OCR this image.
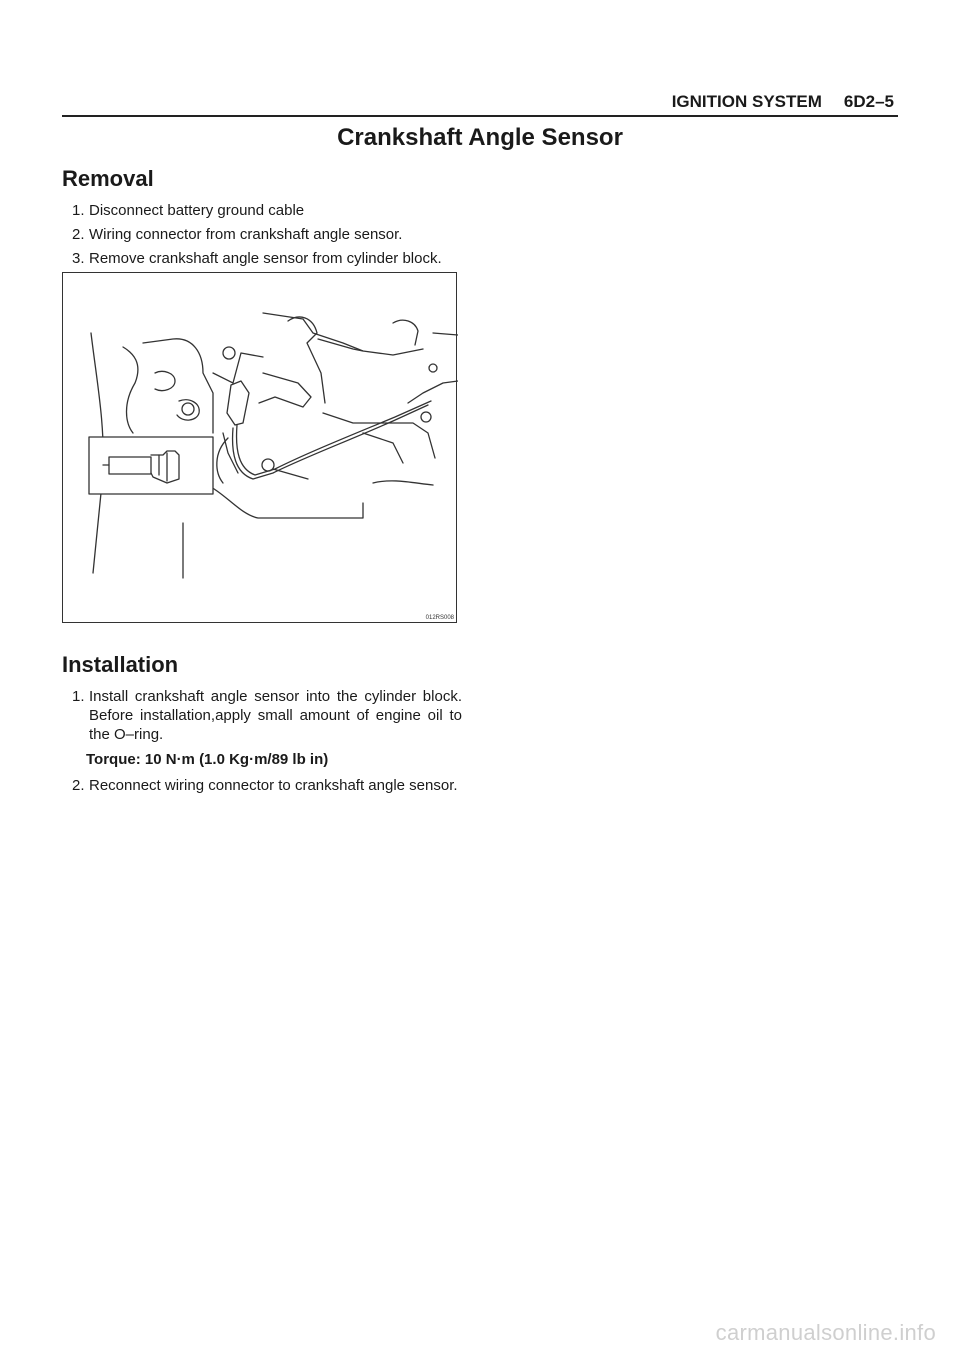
IGNITION SYSTEM 6D2–5
Crankshaft Angle Sensor
Removal
1. Disconnect battery ground cable
2. Wiring connector from crankshaft angle sensor.
3. Remove crankshaft angle sensor from cylinder block.
012RS008
Installation
1. Install crankshaft angle sensor into the cylinder block. Before installation,apply small amount of engine oil to the O–ring.
Torque: 10 N·m (1.0 Kg·m/89 lb in)
2. Reconnect wiring connector to crankshaft angle sensor.
carmanualsonline.info
